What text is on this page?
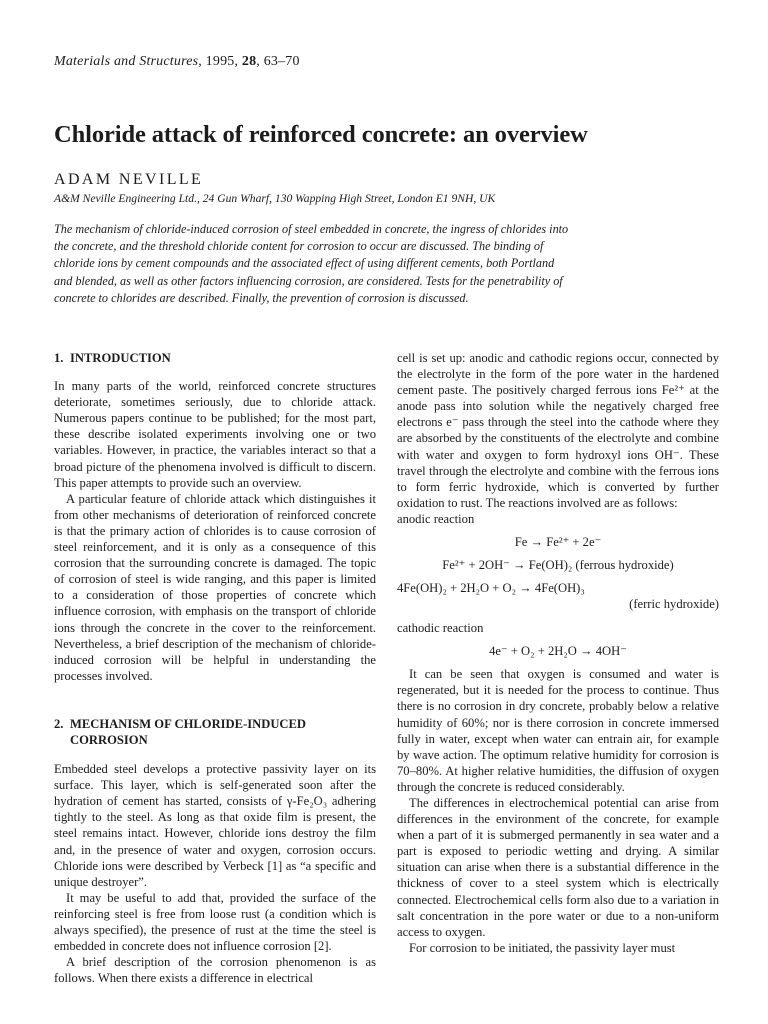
Materials and Structures, 1995, 28, 63–70
Chloride attack of reinforced concrete: an overview
ADAM NEVILLE
A&M Neville Engineering Ltd., 24 Gun Wharf, 130 Wapping High Street, London E1 9NH, UK

The mechanism of chloride-induced corrosion of steel embedded in concrete, the ingress of chlorides into the concrete, and the threshold chloride content for corrosion to occur are discussed. The binding of chloride ions by cement compounds and the associated effect of using different cements, both Portland and blended, as well as other factors influencing corrosion, are considered. Tests for the penetrability of concrete to chlorides are described. Finally, the prevention of corrosion is discussed.

1. INTRODUCTION

In many parts of the world, reinforced concrete structures deteriorate, sometimes seriously, due to chloride attack. Numerous papers continue to be published; for the most part, these describe isolated experiments involving one or two variables. However, in practice, the variables interact so that a broad picture of the phenomena involved is difficult to discern. This paper attempts to provide such an overview.

A particular feature of chloride attack which distinguishes it from other mechanisms of deterioration of reinforced concrete is that the primary action of chlorides is to cause corrosion of steel reinforcement, and it is only as a consequence of this corrosion that the surrounding concrete is damaged. The topic of corrosion of steel is wide ranging, and this paper is limited to a consideration of those properties of concrete which influence corrosion, with emphasis on the transport of chloride ions through the concrete in the cover to the reinforcement. Nevertheless, a brief description of the mechanism of chloride-induced corrosion will be helpful in understanding the processes involved.

2. MECHANISM OF CHLORIDE-INDUCED
CORROSION

Embedded steel develops a protective passivity layer on its surface. This layer, which is self-generated soon after the hydration of cement has started, consists of γ-Fe₂O₃ adhering tightly to the steel. As long as that oxide film is present, the steel remains intact. However, chloride ions destroy the film and, in the presence of water and oxygen, corrosion occurs. Chloride ions were described by Verbeck [1] as “a specific and unique destroyer”.

It may be useful to add that, provided the surface of the reinforcing steel is free from loose rust (a condition which is always specified), the presence of rust at the time the steel is embedded in concrete does not influence corrosion [2].

A brief description of the corrosion phenomenon is as follows. When there exists a difference in electrical

cell is set up: anodic and cathodic regions occur, connected by the electrolyte in the form of the pore water in the hardened cement paste. The positively charged ferrous ions Fe²⁺ at the anode pass into solution while the negatively charged free electrons e⁻ pass through the steel into the cathode where they are absorbed by the constituents of the electrolyte and combine with water and oxygen to form hydroxyl ions OH⁻. These travel through the electrolyte and combine with the ferrous ions to form ferric hydroxide, which is converted by further oxidation to rust. The reactions involved are as follows:

anodic reaction

Fe → Fe²⁺ + 2e⁻
Fe²⁺ + 2OH⁻ → Fe(OH)₂ (ferrous hydroxide)
4Fe(OH)₂ + 2H₂O + O₂ → 4Fe(OH)₃
(ferric hydroxide)

cathodic reaction

4e⁻ + O₂ + 2H₂O → 4OH⁻

It can be seen that oxygen is consumed and water is regenerated, but it is needed for the process to continue. Thus there is no corrosion in dry concrete, probably below a relative humidity of 60%; nor is there corrosion in concrete immersed fully in water, except when water can entrain air, for example by wave action. The optimum relative humidity for corrosion is 70–80%. At higher relative humidities, the diffusion of oxygen through the concrete is reduced considerably.

The differences in electrochemical potential can arise from differences in the environment of the concrete, for example when a part of it is submerged permanently in sea water and a part is exposed to periodic wetting and drying. A similar situation can arise when there is a substantial difference in the thickness of cover to a steel system which is electrically connected. Electrochemical cells form also due to a variation in salt concentration in the pore water or due to a non-uniform access to oxygen.

For corrosion to be initiated, the passivity layer must
